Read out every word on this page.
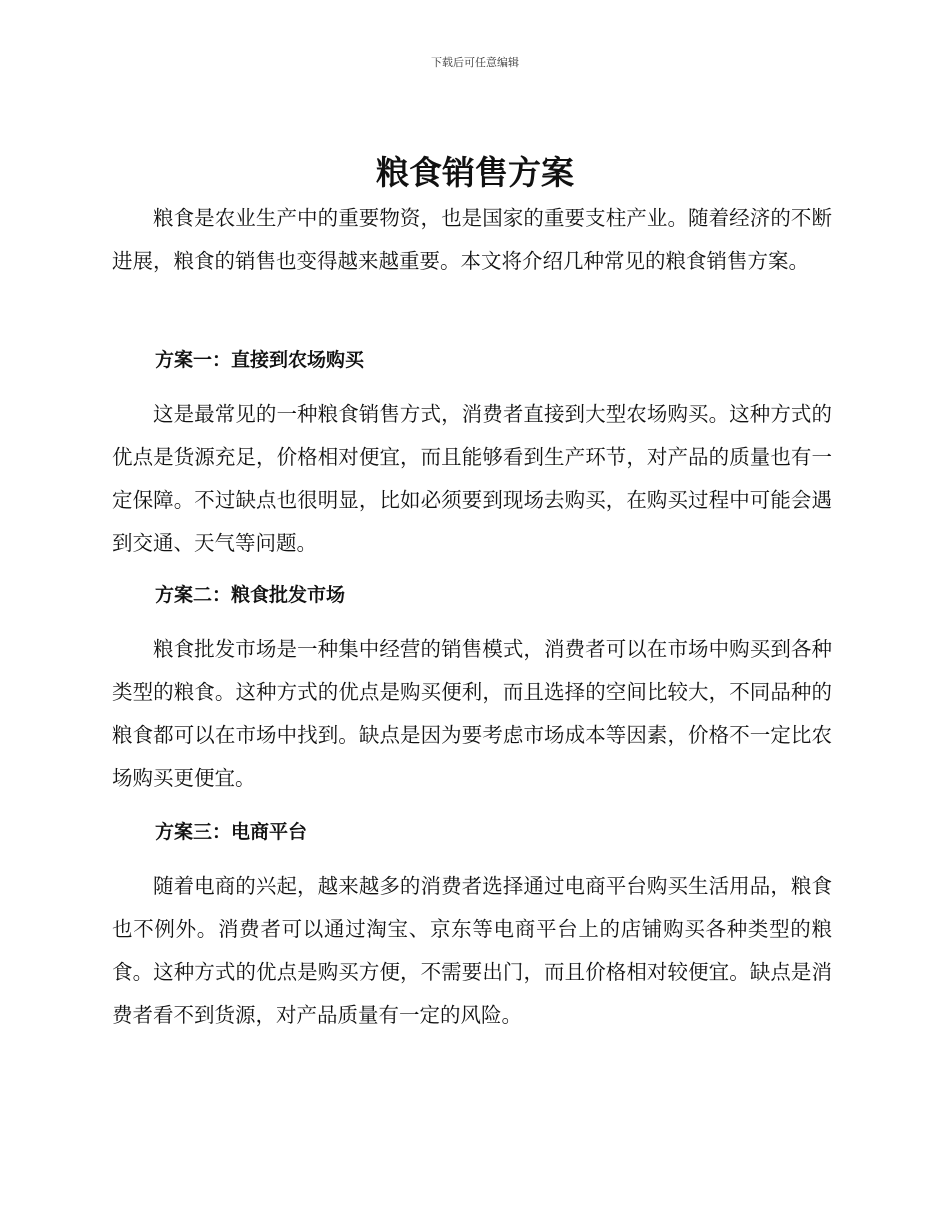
下载后可任意编辑
粮食销售方案

粮食是农业生产中的重要物资，也是国家的重要支柱产业。随着经济的不断进展，粮食的销售也变得越来越重要。本文将介绍几种常见的粮食销售方案。

方案一：直接到农场购买

这是最常见的一种粮食销售方式，消费者直接到大型农场购买。这种方式的优点是货源充足，价格相对便宜，而且能够看到生产环节，对产品的质量也有一定保障。不过缺点也很明显，比如必须要到现场去购买，在购买过程中可能会遇到交通、天气等问题。

方案二：粮食批发市场

粮食批发市场是一种集中经营的销售模式，消费者可以在市场中购买到各种类型的粮食。这种方式的优点是购买便利，而且选择的空间比较大，不同品种的粮食都可以在市场中找到。缺点是因为要考虑市场成本等因素，价格不一定比农场购买更便宜。

方案三：电商平台

随着电商的兴起，越来越多的消费者选择通过电商平台购买生活用品，粮食也不例外。消费者可以通过淘宝、京东等电商平台上的店铺购买各种类型的粮食。这种方式的优点是购买方便，不需要出门，而且价格相对较便宜。缺点是消费者看不到货源，对产品质量有一定的风险。
